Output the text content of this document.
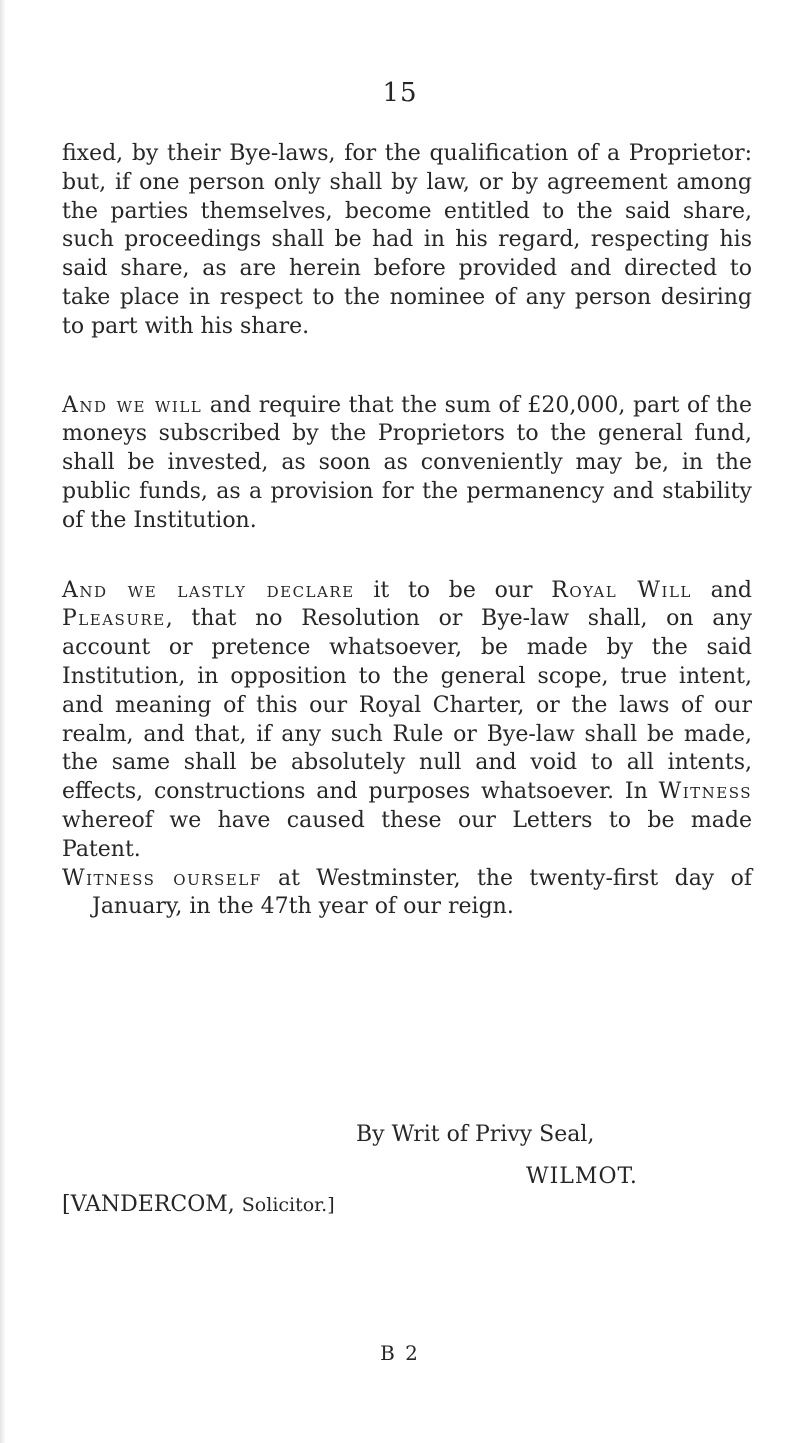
15

fixed, by their Bye-laws, for the qualification of a Proprietor: but, if one person only shall by law, or by agreement among the parties themselves, become entitled to the said share, such proceedings shall be had in his regard, respecting his said share, as are herein before provided and directed to take place in respect to the nominee of any person desiring to part with his share.

And we will and require that the sum of £20,000, part of the moneys subscribed by the Proprietors to the general fund, shall be invested, as soon as conveniently may be, in the public funds, as a provision for the permanency and stability of the Institution.

And we lastly declare it to be our Royal Will and Pleasure, that no Resolution or Bye-law shall, on any account or pretence whatsoever, be made by the said Institution, in opposition to the general scope, true intent, and meaning of this our Royal Charter, or the laws of our realm, and that, if any such Rule or Bye-law shall be made, the same shall be absolutely null and void to all intents, effects, constructions and purposes whatsoever. In Witness whereof we have caused these our Letters to be made Patent.

Witness ourself at Westminster, the twenty-first day of January, in the 47th year of our reign.

By Writ of Privy Seal,
WILMOT.
[VANDERCOM, Solicitor.]
B 2
